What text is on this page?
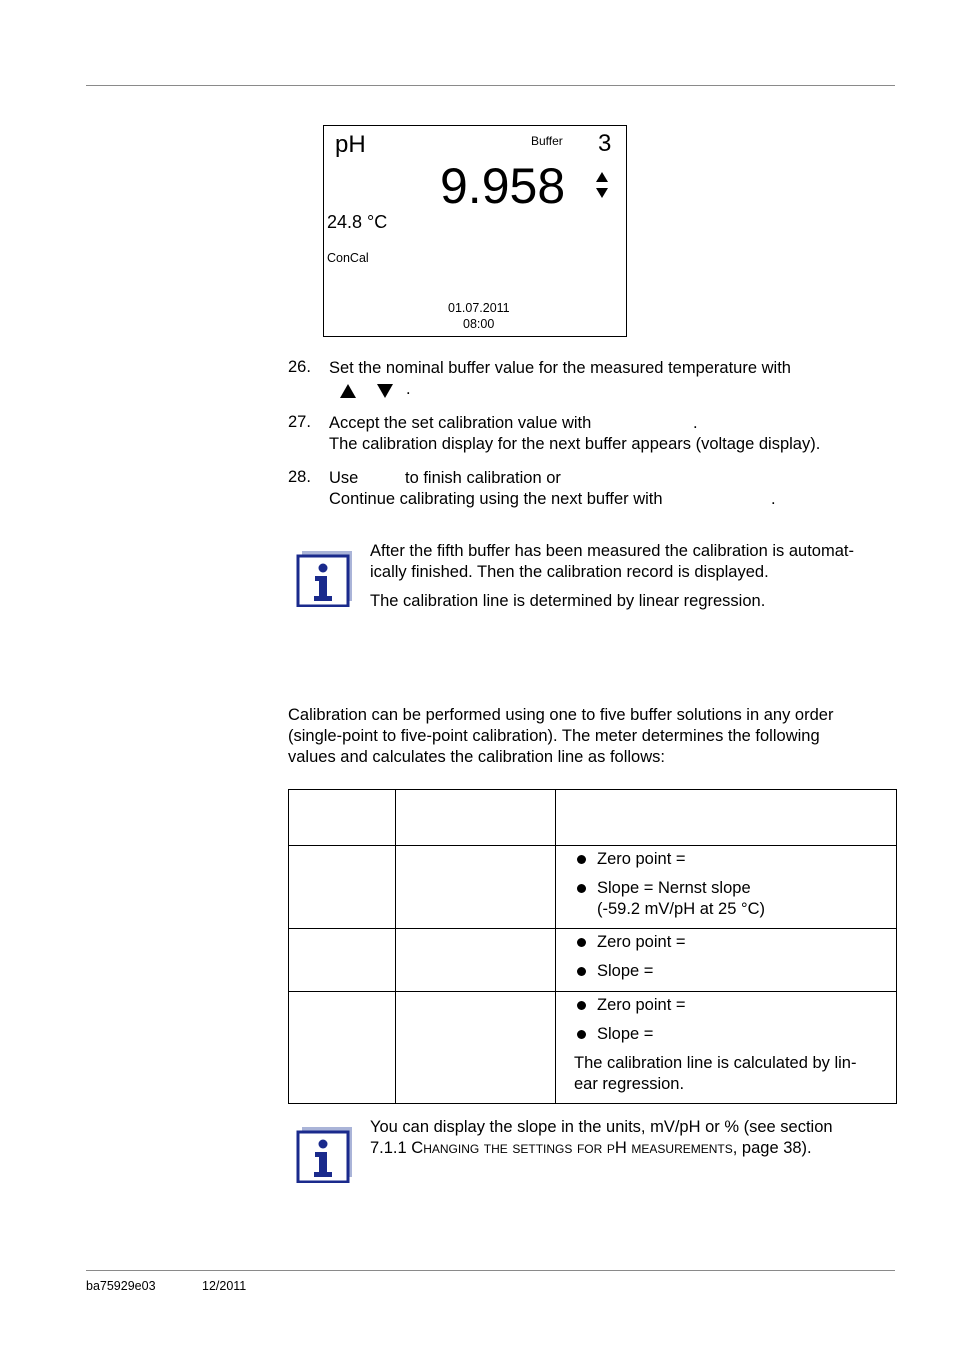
pH	Buffer 3
9.958
24.8 °C
ConCal
01.07.2011
08:00
26. Set the nominal buffer value for the measured temperature with
.
27. Accept the set calibration value with	.
The calibration display for the next buffer appears (voltage display).
28. Use	to finish calibration or
Continue calibrating using the next buffer with	.
After the fifth buffer has been measured the calibration is automat-
ically finished. Then the calibration record is displayed.
The calibration line is determined by linear regression.
Calibration can be performed using one to five buffer solutions in any order
(single-point to five-point calibration). The meter determines the following
values and calculates the calibration line as follows:

		Zero point =
Slope = Nernst slope
(-59.2 mV/pH at 25 °C)

		Zero point =
Slope =

		Zero point =
Slope =
The calibration line is calculated by lin-
ear regression.
You can display the slope in the units, mV/pH or % (see section
7.1.1 Changing the settings for pH measurements, page 38).
ba75929e03	12/2011
